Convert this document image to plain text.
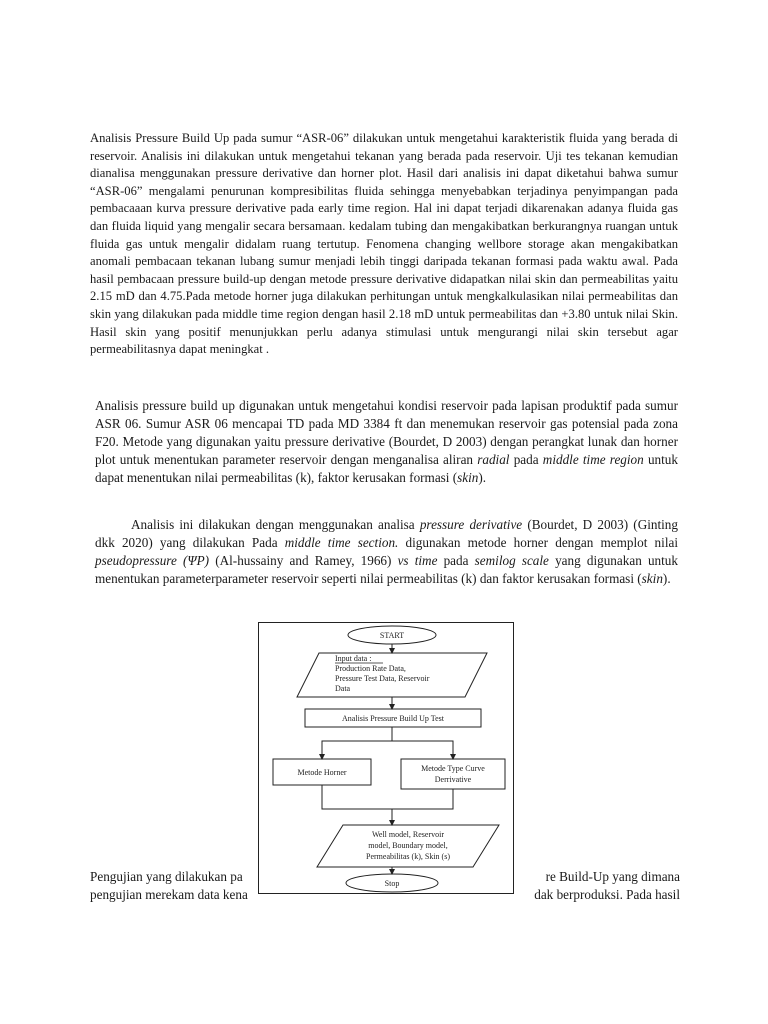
Analisis Pressure Build Up pada sumur “ASR-06” dilakukan untuk mengetahui karakteristik fluida yang berada di reservoir. Analisis ini dilakukan untuk mengetahui tekanan yang berada pada reservoir. Uji tes tekanan kemudian dianalisa menggunakan pressure derivative dan horner plot. Hasil dari analisis ini dapat diketahui bahwa sumur “ASR-06” mengalami penurunan kompresibilitas fluida sehingga menyebabkan terjadinya penyimpangan pada pembacaaan kurva pressure derivative pada early time region. Hal ini dapat terjadi dikarenakan adanya fluida gas dan fluida liquid yang mengalir secara bersamaan. kedalam tubing dan mengakibatkan berkurangnya ruangan untuk fluida gas untuk mengalir didalam ruang tertutup. Fenomena changing wellbore storage akan mengakibatkan anomali pembacaan tekanan lubang sumur menjadi lebih tinggi daripada tekanan formasi pada waktu awal. Pada hasil pembacaan pressure build-up dengan metode pressure derivative didapatkan nilai skin dan permeabilitas yaitu 2.15 mD dan 4.75.Pada metode horner juga dilakukan perhitungan untuk mengkalkulasikan nilai permeabilitas dan skin yang dilakukan pada middle time region dengan hasil 2.18 mD untuk permeabilitas dan +3.80 untuk nilai Skin. Hasil skin yang positif menunjukkan perlu adanya stimulasi untuk mengurangi nilai skin tersebut agar permeabilitasnya dapat meningkat .

Analisis pressure build up digunakan untuk mengetahui kondisi reservoir pada lapisan produktif pada sumur ASR 06. Sumur ASR 06 mencapai TD pada MD 3384 ft dan menemukan reservoir gas potensial pada zona F20. Metode yang digunakan yaitu pressure derivative (Bourdet, D 2003) dengan perangkat lunak dan horner plot untuk menentukan parameter reservoir dengan menganalisa aliran radial pada middle time region untuk dapat menentukan nilai permeabilitas (k), faktor kerusakan formasi (skin).

Analisis ini dilakukan dengan menggunakan analisa pressure derivative (Bourdet, D 2003) (Ginting dkk 2020) yang dilakukan Pada middle time section. digunakan metode horner dengan memplot nilai pseudopressure (ΨP) (Al-hussainy and Ramey, 1966) vs time pada semilog scale yang digunakan untuk menentukan parameterparameter reservoir seperti nilai permeabilitas (k) dan faktor kerusakan formasi (skin).

Pengujian yang dilakukan pa	re Build-Up yang dimana
pengujian merekam data kena	dak berproduksi. Pada hasil
START
Input data :
Production Rate Data,
Pressure Test Data, Reservoir
Data
Analisis Pressure Build Up Test
Metode Horner	Metode Type Curve
Derrivative
Well model, Reservoir
model, Boundary model,
Permeabilitas (k), Skin (s)
Stop
